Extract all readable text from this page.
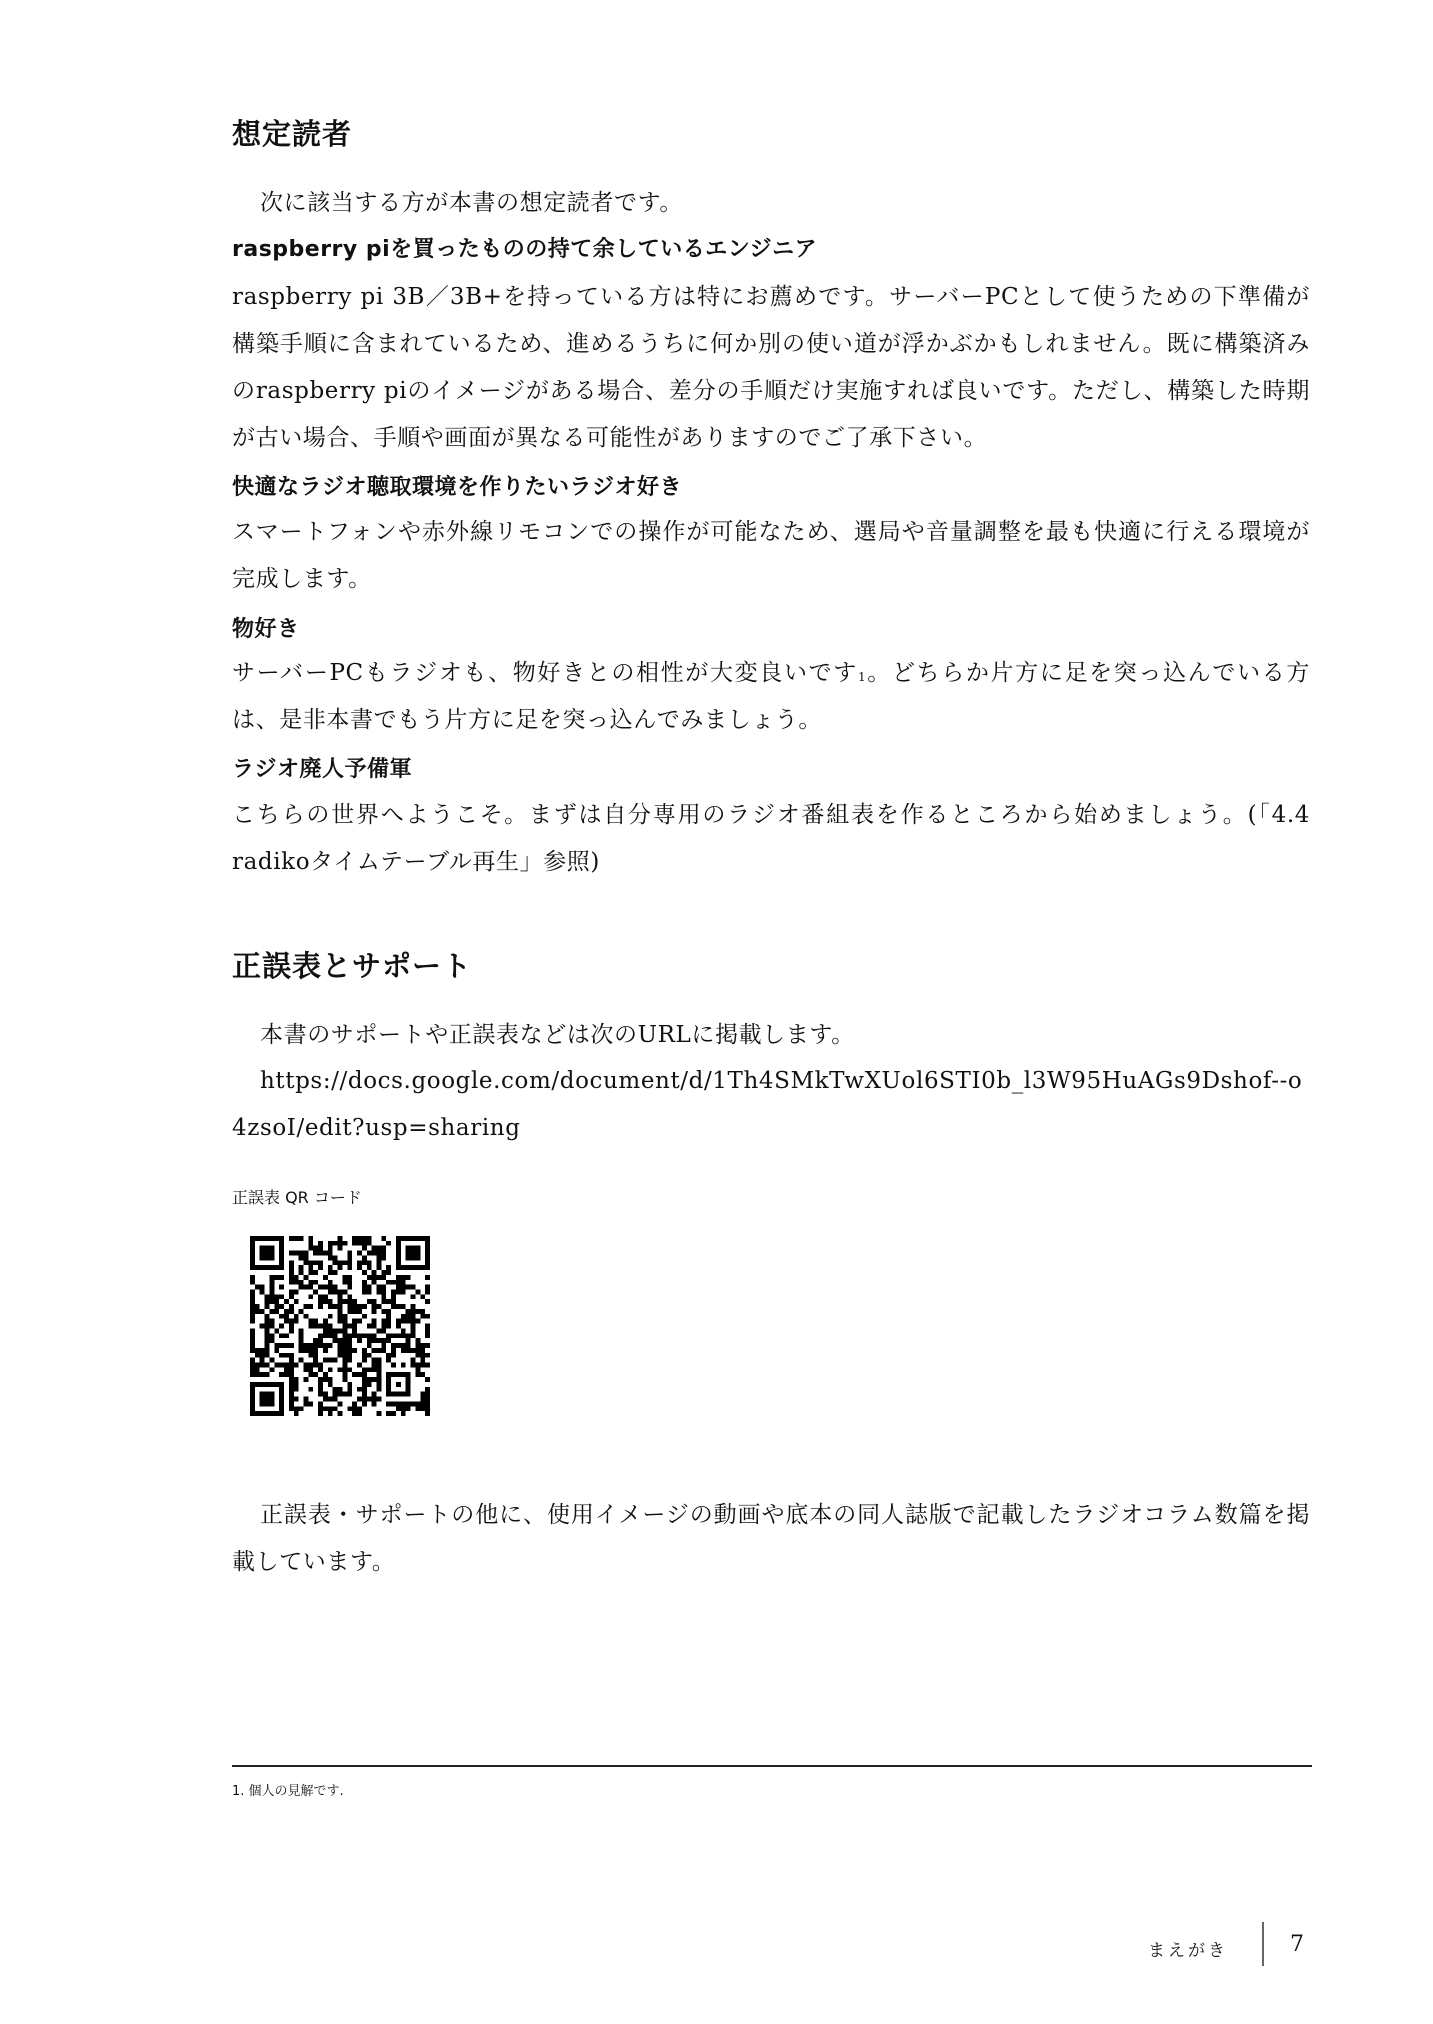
想定読者

次に該当する方が本書の想定読者です。

raspberry piを買ったものの持て余しているエンジニア

raspberry pi 3B／3B+を持っている方は特にお薦めです。サーバーPCとして使うための下準備が構築手順に含まれているため、進めるうちに何か別の使い道が浮かぶかもしれません。既に構築済みのraspberry piのイメージがある場合、差分の手順だけ実施すれば良いです。ただし、構築した時期が古い場合、手順や画面が異なる可能性がありますのでご了承下さい。

快適なラジオ聴取環境を作りたいラジオ好き

スマートフォンや赤外線リモコンでの操作が可能なため、選局や音量調整を最も快適に行える環境が完成します。

物好き

サーバーPCもラジオも、物好きとの相性が大変良いです$^1$。どちらか片方に足を突っ込んでいる方は、是非本書でもう片方に足を突っ込んでみましょう。

ラジオ廃人予備軍

こちらの世界へようこそ。まずは自分専用のラジオ番組表を作るところから始めましょう。(「4.4 radikoタイムテーブル再生」参照)

正誤表とサポート

本書のサポートや正誤表などは次のURLに掲載します。

https://docs.google.com/document/d/1Th4SMkTwXUol6STI0b_l3W95HuAGs9Dshof--o4zsoI/edit?usp=sharing

正誤表 QR コード

正誤表・サポートの他に、使用イメージの動画や底本の同人誌版で記載したラジオコラム数篇を掲載しています。

1. 個人の見解です.

まえがき	7
